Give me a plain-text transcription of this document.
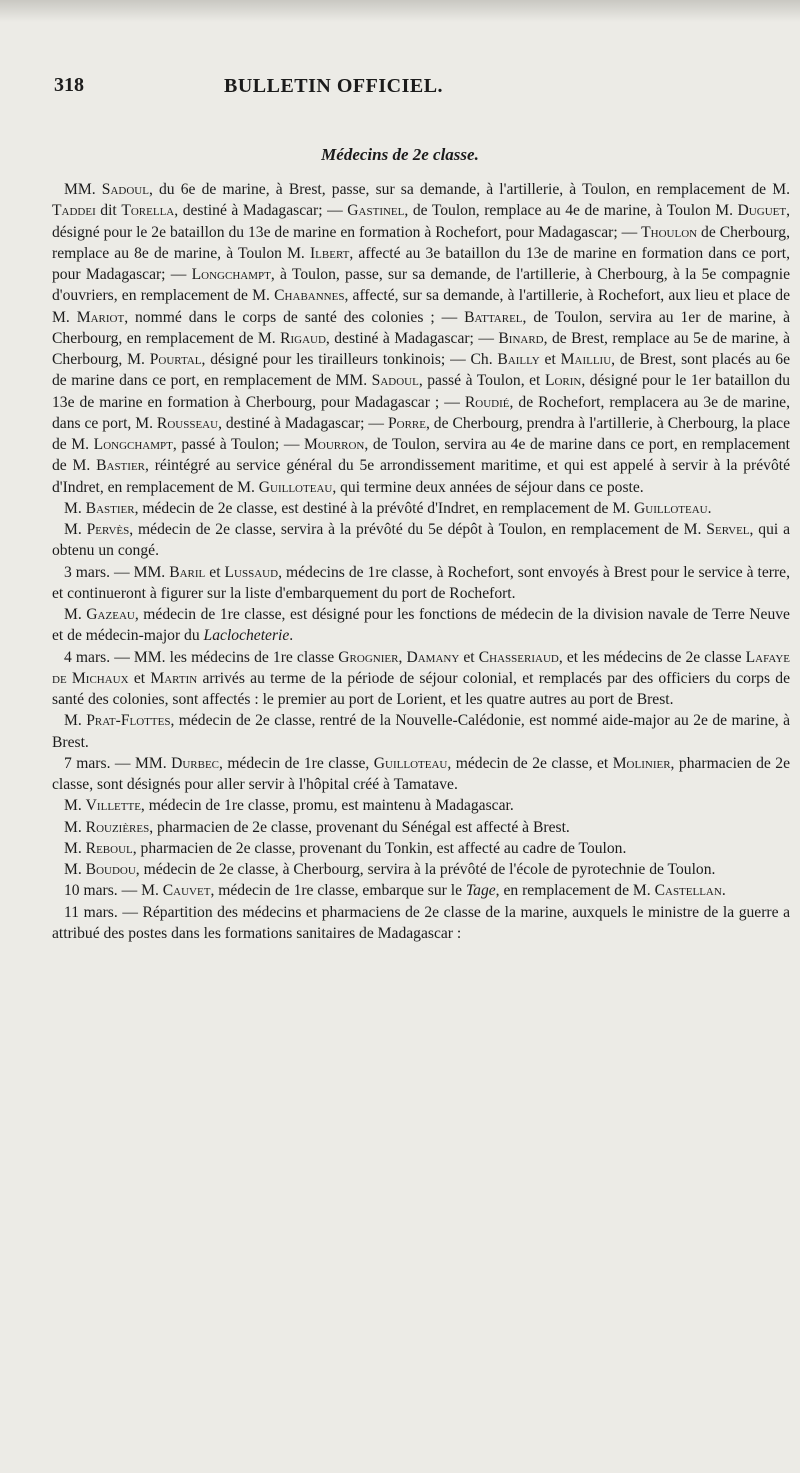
318	BULLETIN OFFICIEL.
Médecins de 2e classe.

MM. Sadoul, du 6e de marine, à Brest, passe, sur sa demande, à l'artillerie, à Toulon, en remplacement de M. Taddei dit Torella, destiné à Madagascar; — Gastinel, de Toulon, remplace au 4e de marine, à Toulon M. Duguet, désigné pour le 2e bataillon du 13e de marine en formation à Rochefort, pour Madagascar; — Thoulon de Cherbourg, remplace au 8e de marine, à Toulon M. Ilbert, affecté au 3e bataillon du 13e de marine en formation dans ce port, pour Madagascar; — Longchampt, à Toulon, passe, sur sa demande, de l'artillerie, à Cherbourg, à la 5e compagnie d'ouvriers, en remplacement de M. Chabannes, affecté, sur sa demande, à l'artillerie, à Rochefort, aux lieu et place de M. Mariot, nommé dans le corps de santé des colonies ; — Battarel, de Toulon, servira au 1er de marine, à Cherbourg, en remplacement de M. Rigaud, destiné à Madagascar; — Binard, de Brest, remplace au 5e de marine, à Cherbourg, M. Pourtal, désigné pour les tirailleurs tonkinois; — Ch. Bailly et Mailliu, de Brest, sont placés au 6e de marine dans ce port, en remplacement de MM. Sadoul, passé à Toulon, et Lorin, désigné pour le 1er bataillon du 13e de marine en formation à Cherbourg, pour Madagascar ; — Roudié, de Rochefort, remplacera au 3e de marine, dans ce port, M. Rousseau, destiné à Madagascar; — Porre, de Cherbourg, prendra à l'artillerie, à Cherbourg, la place de M. Longchampt, passé à Toulon; — Mourron, de Toulon, servira au 4e de marine dans ce port, en remplacement de M. Bastier, réintégré au service général du 5e arrondissement maritime, et qui est appelé à servir à la prévôté d'Indret, en remplacement de M. Guilloteau, qui termine deux années de séjour dans ce poste.

M. Bastier, médecin de 2e classe, est destiné à la prévôté d'Indret, en remplacement de M. Guilloteau.

M. Pervès, médecin de 2e classe, servira à la prévôté du 5e dépôt à Toulon, en remplacement de M. Servel, qui a obtenu un congé.

3 mars. — MM. Baril et Lussaud, médecins de 1re classe, à Rochefort, sont envoyés à Brest pour le service à terre, et continueront à figurer sur la liste d'embarquement du port de Rochefort.

M. Gazeau, médecin de 1re classe, est désigné pour les fonctions de médecin de la division navale de Terre Neuve et de médecin-major du Laclocheterie.

4 mars. — MM. les médecins de 1re classe Grognier, Damany et Chasseriaud, et les médecins de 2e classe Lafaye de Michaux et Martin arrivés au terme de la période de séjour colonial, et remplacés par des officiers du corps de santé des colonies, sont affectés : le premier au port de Lorient, et les quatre autres au port de Brest.

M. Prat-Flottes, médecin de 2e classe, rentré de la Nouvelle-Calédonie, est nommé aide-major au 2e de marine, à Brest.

7 mars. — MM. Durbec, médecin de 1re classe, Guilloteau, médecin de 2e classe, et Molinier, pharmacien de 2e classe, sont désignés pour aller servir à l'hôpital créé à Tamatave.

M. Villette, médecin de 1re classe, promu, est maintenu à Madagascar.

M. Rouzières, pharmacien de 2e classe, provenant du Sénégal est affecté à Brest.

M. Reboul, pharmacien de 2e classe, provenant du Tonkin, est affecté au cadre de Toulon.

M. Boudou, médecin de 2e classe, à Cherbourg, servira à la prévôté de l'école de pyrotechnie de Toulon.

10 mars. — M. Cauvet, médecin de 1re classe, embarque sur le Tage, en remplacement de M. Castellan.

11 mars. — Répartition des médecins et pharmaciens de 2e classe de la marine, auxquels le ministre de la guerre a attribué des postes dans les formations sanitaires de Madagascar :
